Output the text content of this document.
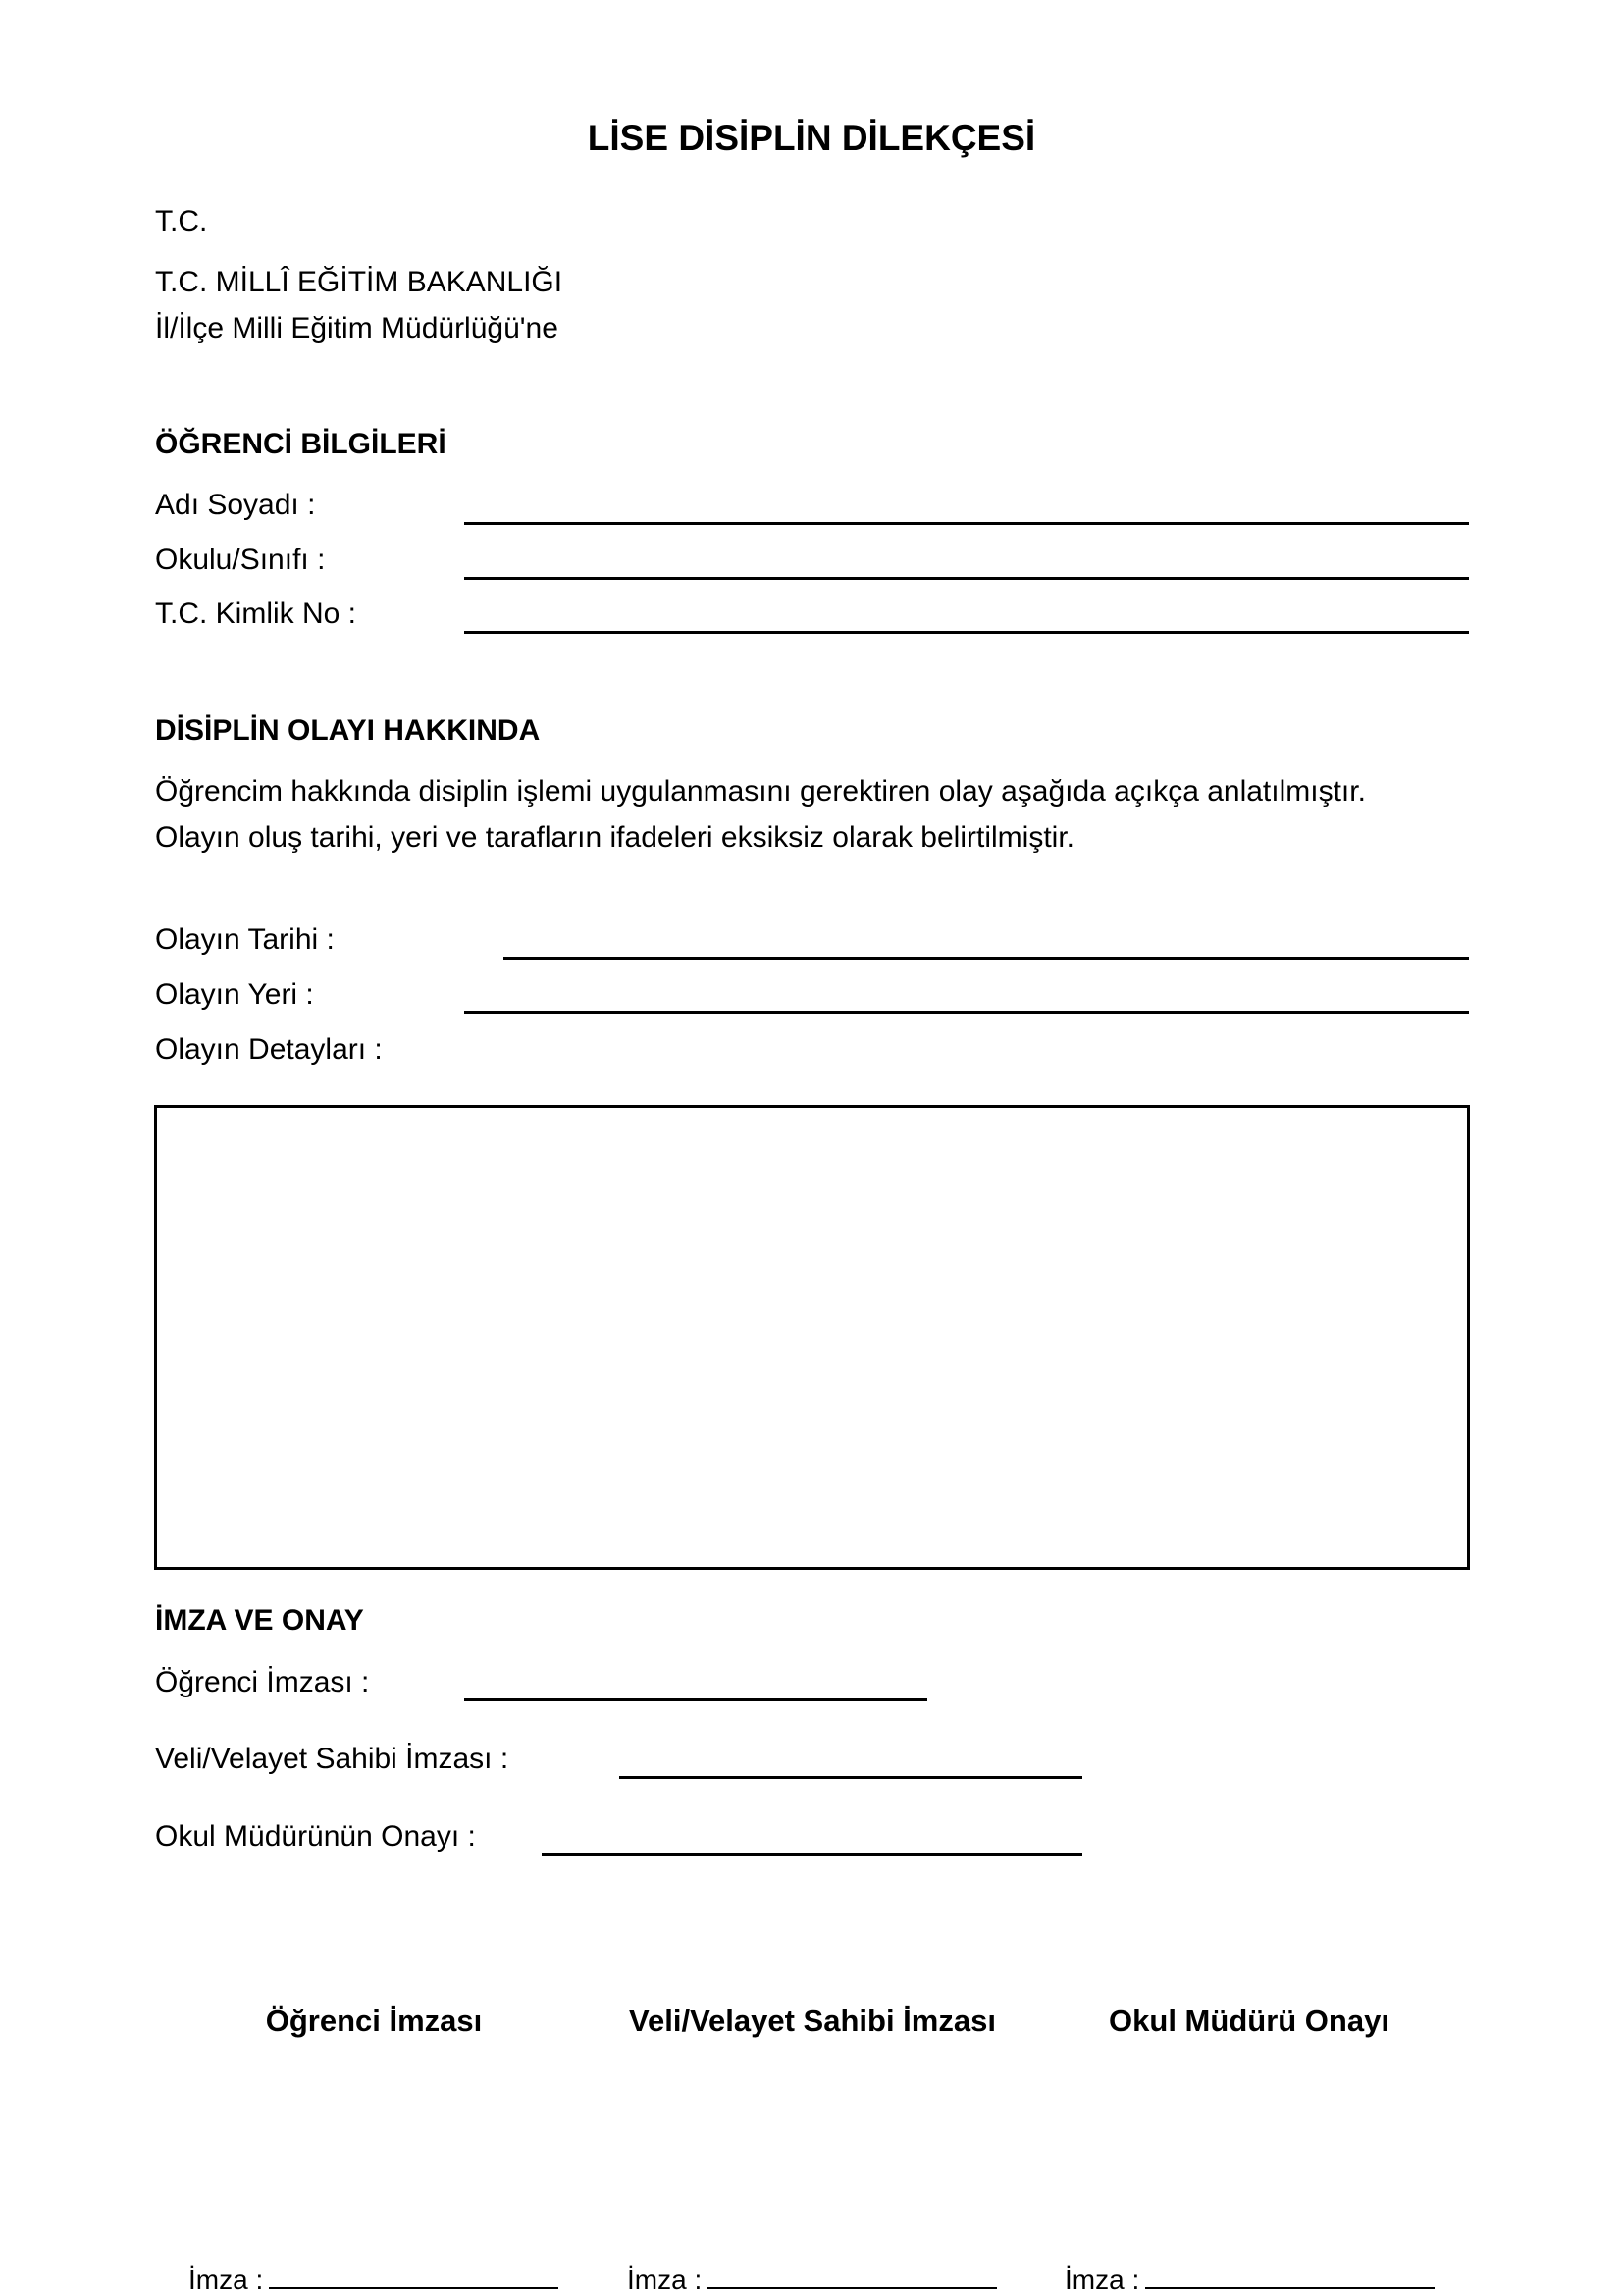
LİSE DİSİPLİN DİLEKÇESİ
T.C.
T.C. MİLLÎ EĞİTİM BAKANLIĞI
İl/İlçe Milli Eğitim Müdürlüğü'ne
ÖĞRENCİ BİLGİLERİ
Adı Soyadı :
Okulu/Sınıfı :
T.C. Kimlik No :
DİSİPLİN OLAYI HAKKINDA
Öğrencim hakkında disiplin işlemi uygulanmasını gerektiren olay aşağıda açıkça anlatılmıştır.
Olayın oluş tarihi, yeri ve tarafların ifadeleri eksiksiz olarak belirtilmiştir.
Olayın Tarihi :
Olayın Yeri :
Olayın Detayları :
İMZA VE ONAY
Öğrenci İmzası :
Veli/Velayet Sahibi İmzası :
Okul Müdürünün Onayı :
Öğrenci İmzası	Veli/Velayet Sahibi İmzası	Okul Müdürü Onayı
İmza :	İmza :	İmza :
